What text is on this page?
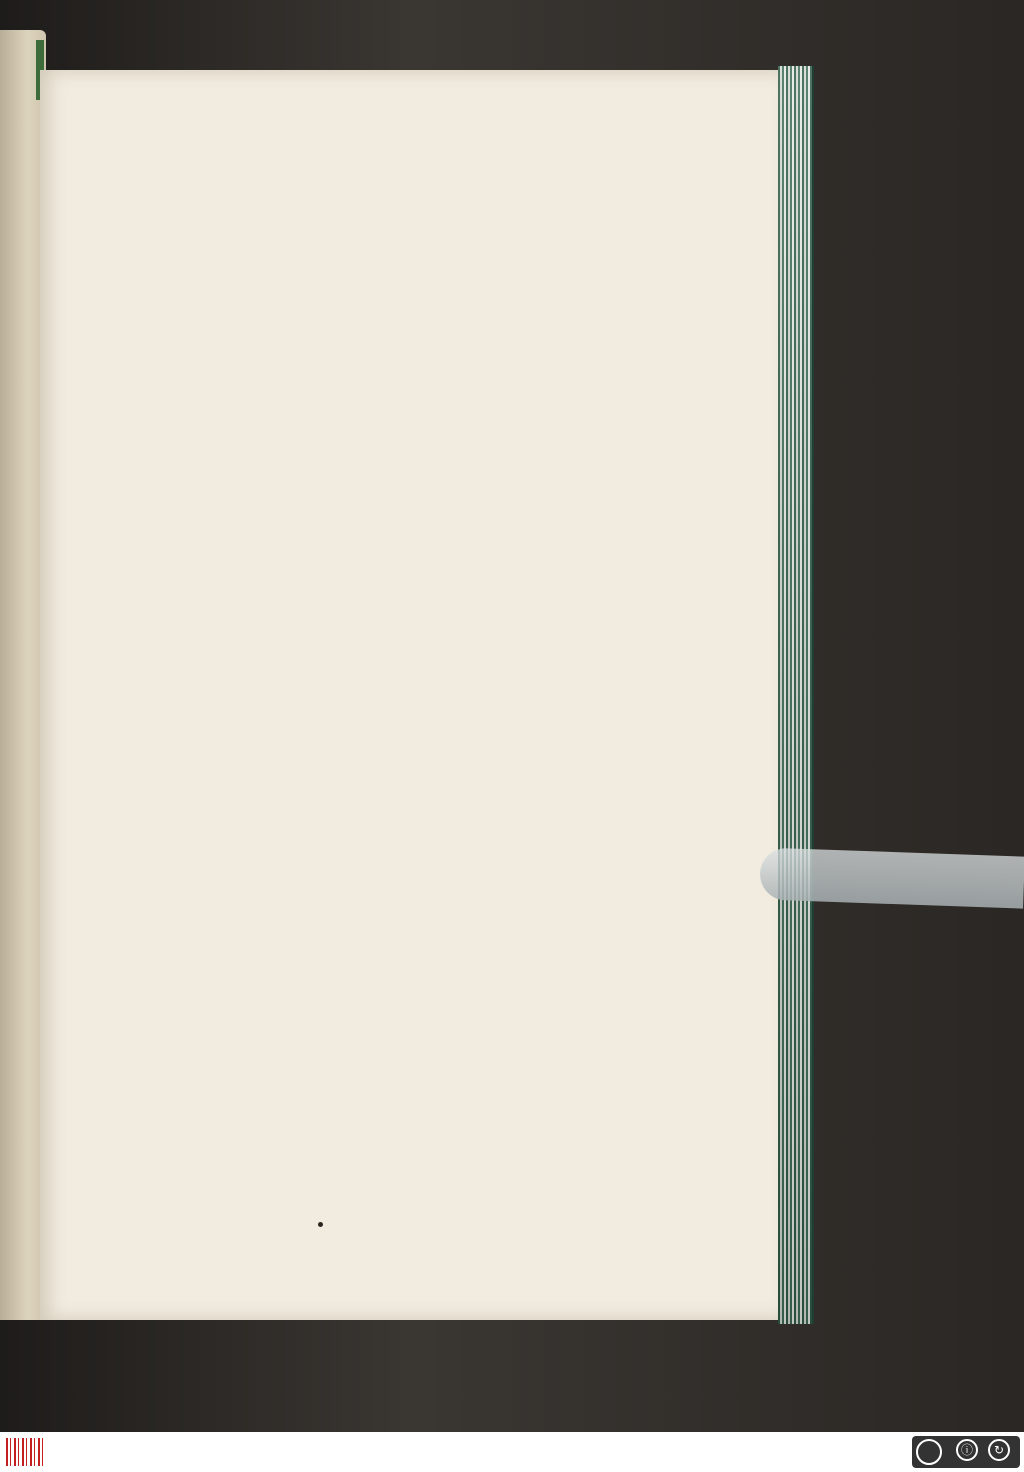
ⓘ	↻
